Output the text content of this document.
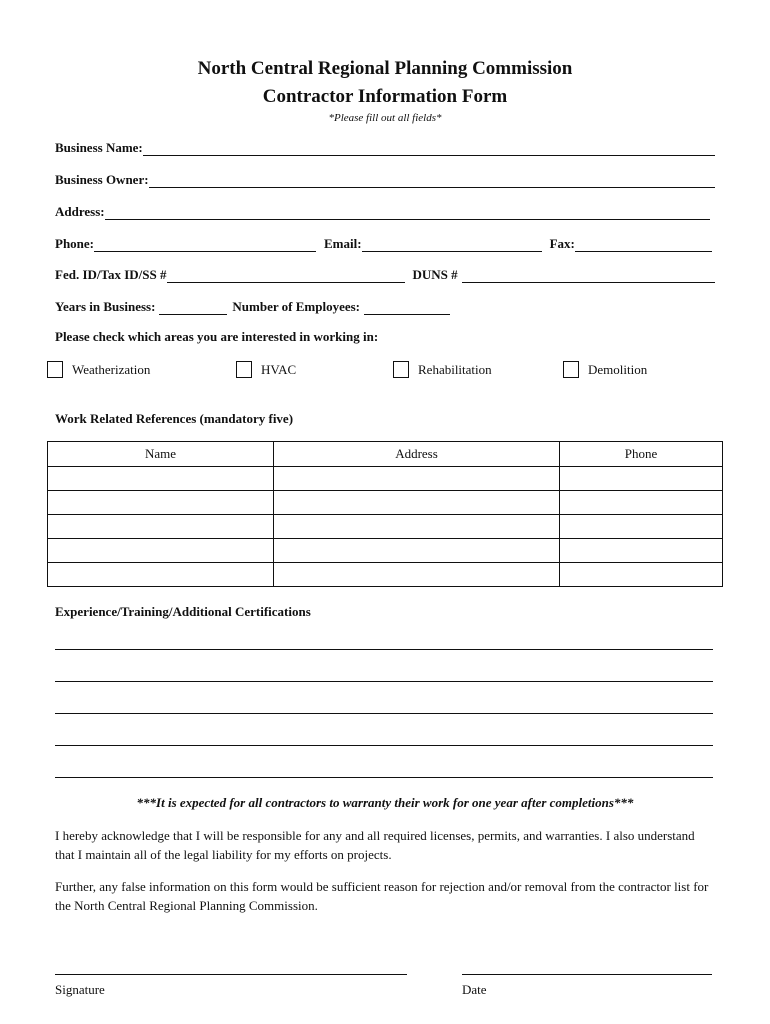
North Central Regional Planning Commission
Contractor Information Form
*Please fill out all fields*
Business Name:
Business Owner:
Address:
Phone:	Email:	Fax:
Fed. ID/Tax ID/SS #	DUNS #
Years in Business:	Number of Employees:
Please check which areas you are interested in working in:
Weatherization	HVAC	Rehabilitation	Demolition
Work Related References (mandatory five)
Name	Address	Phone

Experience/Training/Additional Certifications
***It is expected for all contractors to warranty their work for one year after completions***
I hereby acknowledge that I will be responsible for any and all required licenses, permits, and warranties. I also understand that I maintain all of the legal liability for my efforts on projects.
Further, any false information on this form would be sufficient reason for rejection and/or removal from the contractor list for the North Central Regional Planning Commission.
Signature	Date
